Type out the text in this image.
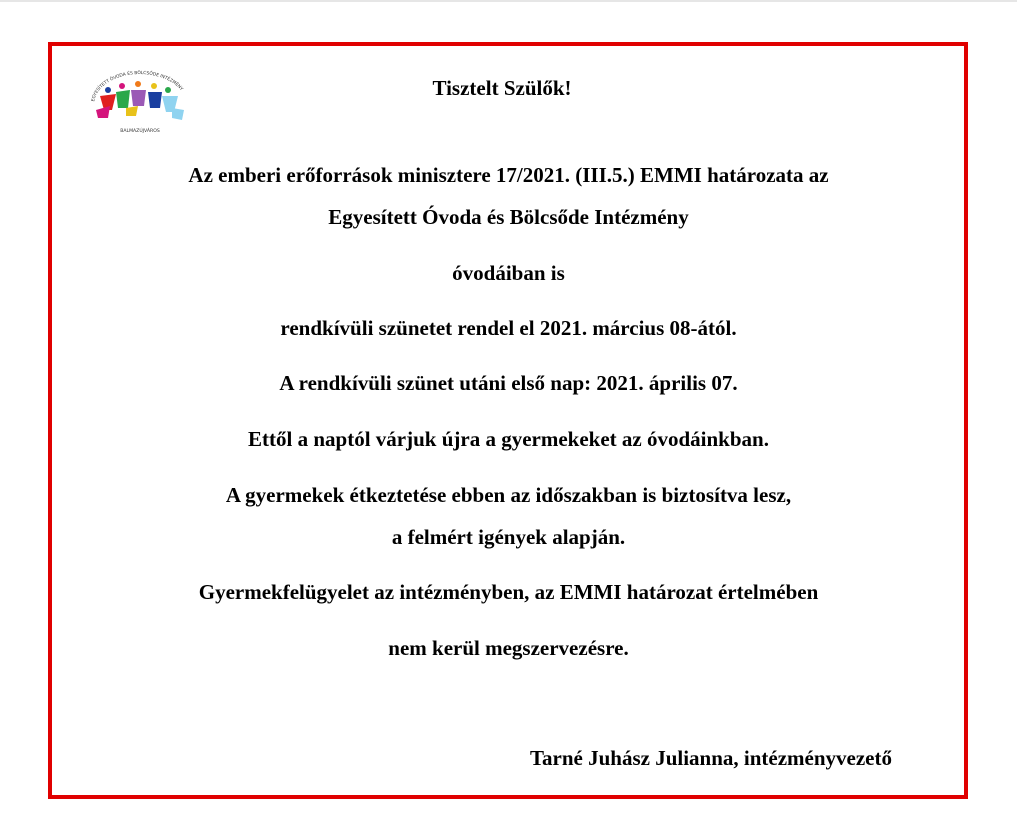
EGYESÍTETT ÓVODA ÉS BÖLCSŐDE INTÉZMÉNY
BALMAZÚJVÁROS
Tisztelt Szülők!
Az emberi erőforrások minisztere 17/2021. (III.5.) EMMI határozata az
Egyesített Óvoda és Bölcsőde Intézmény
óvodáiban is
rendkívüli szünetet rendel el 2021. március 08-ától.
A rendkívüli szünet utáni első nap: 2021. április 07.
Ettől a naptól várjuk újra a gyermekeket az óvodáinkban.
A gyermekek étkeztetése ebben az időszakban is biztosítva lesz,
a felmért igények alapján.
Gyermekfelügyelet az intézményben, az EMMI határozat értelmében
nem kerül megszervezésre.
Tarné Juhász Julianna, intézményvezető
